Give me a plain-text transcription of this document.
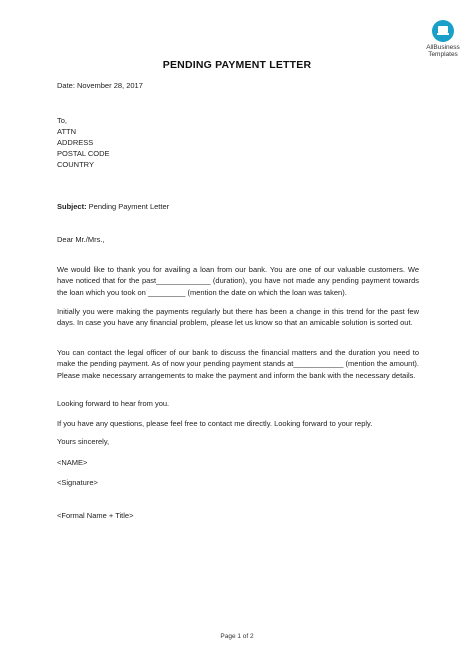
AllBusiness
Templates
PENDING PAYMENT LETTER
Date: November 28, 2017
To,
ATTN
ADDRESS
POSTAL CODE
COUNTRY
Subject: Pending Payment Letter
Dear Mr./Mrs.,
We would like to thank you for availing a loan from our bank. You are one of our valuable customers. We have noticed that for the past_____________ (duration), you have not made any pending payment towards the loan which you took on _________ (mention the date on which the loan was taken).
Initially you were making the payments regularly but there has been a change in this trend for the past few days. In case you have any financial problem, please let us know so that an amicable solution is sorted out.
You can contact the legal officer of our bank to discuss the financial matters and the duration you need to make the pending payment. As of now your pending payment stands at____________ (mention the amount). Please make necessary arrangements to make the payment and inform the bank with the necessary details.
Looking forward to hear from you.
If you have any questions, please feel free to contact me directly. Looking forward to your reply.
Yours sincerely,
<NAME>
<Signature>
<Formal Name + Title>
Page 1 of 2
